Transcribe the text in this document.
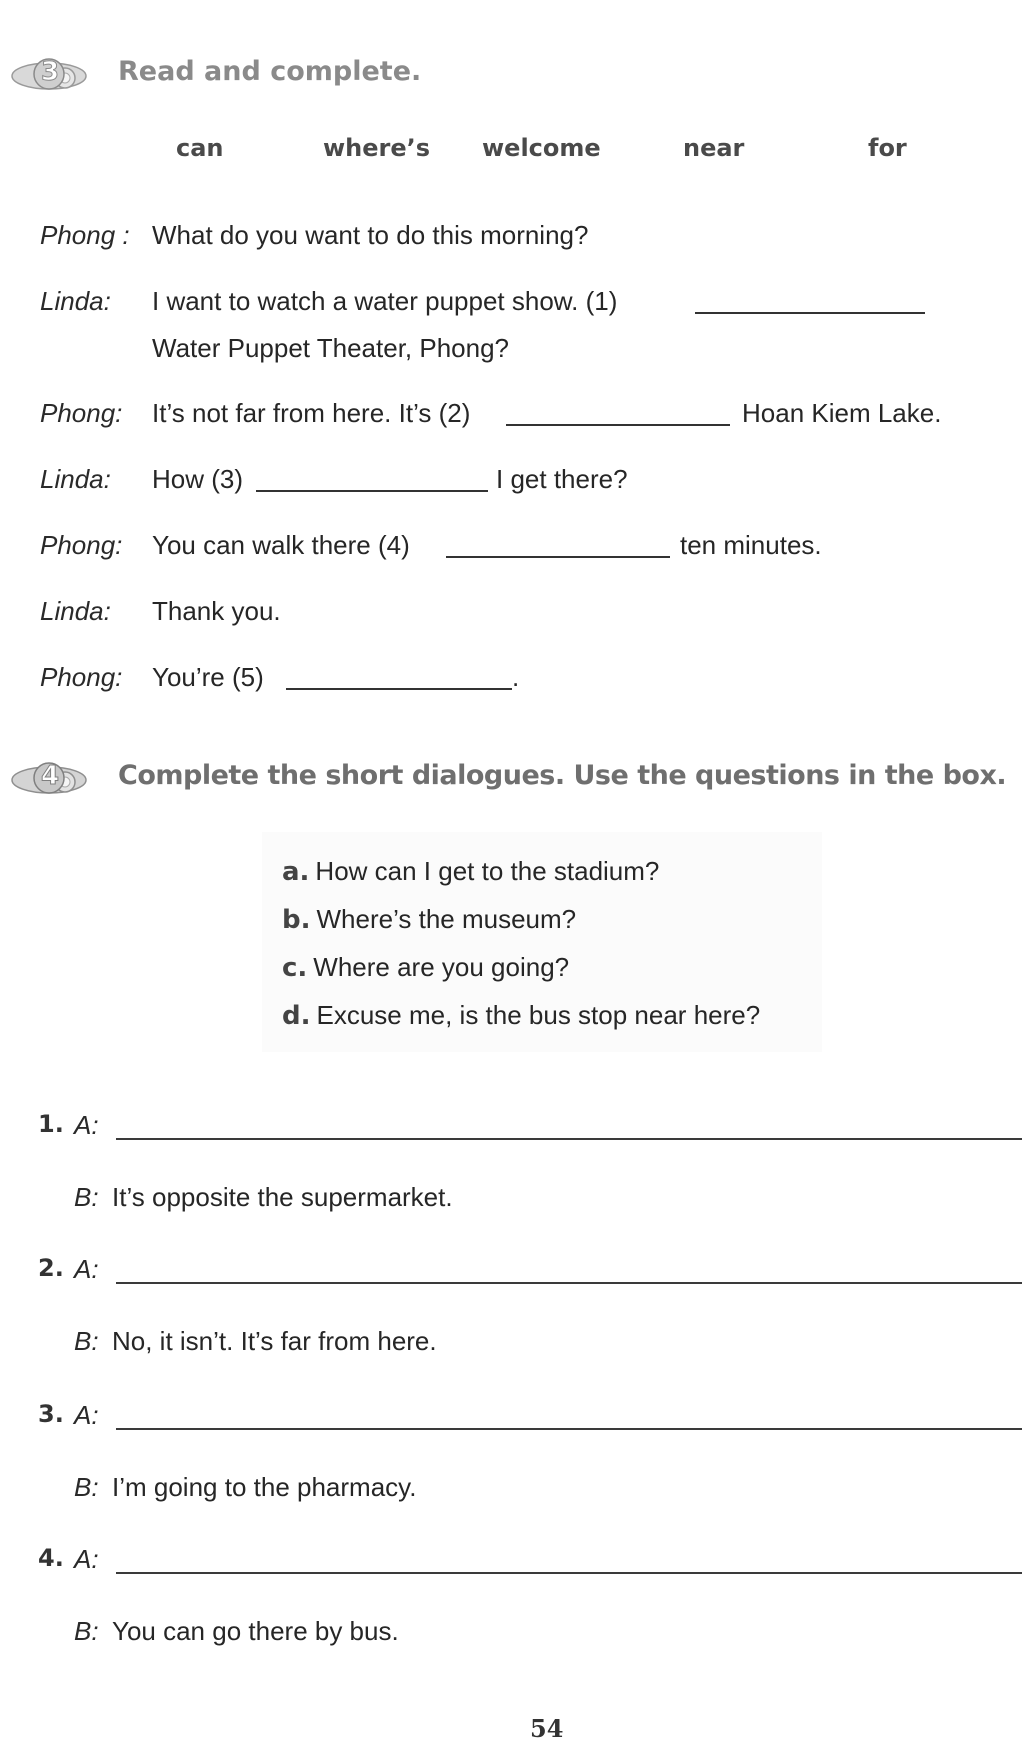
3 Read and complete.
can	where’s welcome	near	for
Phong : What do you want to do this morning?
Linda: I want to watch a water puppet show. (1)
Water Puppet Theater, Phong?
Phong: It’s not far from here. It’s (2)	Hoan Kiem Lake.
Linda: How (3)	I get there?
Phong: You can walk there (4)	ten minutes.
Linda: Thank you.
Phong: You’re (5)	.
4 Complete the short dialogues. Use the questions in the box.
a. How can I get to the stadium?
b. Where’s the museum?
c. Where are you going?
d. Excuse me, is the bus stop near here?
1. A:
B: It’s opposite the supermarket.
2. A:
B: No, it isn’t. It’s far from here.
3. A:
B: I’m going to the pharmacy.
4. A:
B: You can go there by bus.
54
